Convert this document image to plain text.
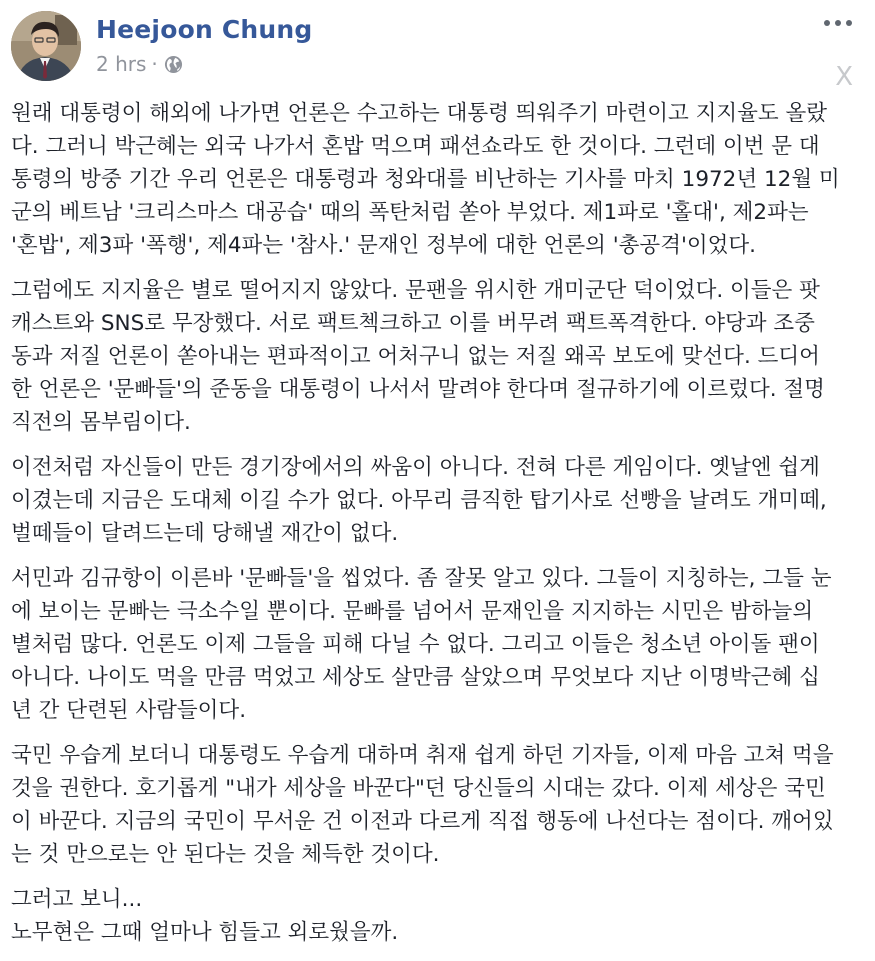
Heejoon Chung
2 hrs ·	X

원래 대통령이 해외에 나가면 언론은 수고하는 대통령 띄워주기 마련이고 지지율도 올랐
다. 그러니 박근혜는 외국 나가서 혼밥 먹으며 패션쇼라도 한 것이다. 그런데 이번 문 대
통령의 방중 기간 우리 언론은 대통령과 청와대를 비난하는 기사를 마치 1972년 12월 미
군의 베트남 '크리스마스 대공습' 때의 폭탄처럼 쏟아 부었다. 제1파로 '홀대', 제2파는
'혼밥', 제3파 '폭행', 제4파는 '참사.' 문재인 정부에 대한 언론의 '총공격'이었다.

그럼에도 지지율은 별로 떨어지지 않았다. 문팬을 위시한 개미군단 덕이었다. 이들은 팟
캐스트와 SNS로 무장했다. 서로 팩트첵크하고 이를 버무려 팩트폭격한다. 야당과 조중
동과 저질 언론이 쏟아내는 편파적이고 어처구니 없는 저질 왜곡 보도에 맞선다. 드디어
한 언론은 '문빠들'의 준동을 대통령이 나서서 말려야 한다며 절규하기에 이르렀다. 절명
직전의 몸부림이다.

이전처럼 자신들이 만든 경기장에서의 싸움이 아니다. 전혀 다른 게임이다. 옛날엔 쉽게
이겼는데 지금은 도대체 이길 수가 없다. 아무리 큼직한 탑기사로 선빵을 날려도 개미떼,
벌떼들이 달려드는데 당해낼 재간이 없다.

서민과 김규항이 이른바 '문빠들'을 씹었다. 좀 잘못 알고 있다. 그들이 지칭하는, 그들 눈
에 보이는 문빠는 극소수일 뿐이다. 문빠를 넘어서 문재인을 지지하는 시민은 밤하늘의
별처럼 많다. 언론도 이제 그들을 피해 다닐 수 없다. 그리고 이들은 청소년 아이돌 팬이
아니다. 나이도 먹을 만큼 먹었고 세상도 살만큼 살았으며 무엇보다 지난 이명박근혜 십
년 간 단련된 사람들이다.

국민 우습게 보더니 대통령도 우습게 대하며 취재 쉽게 하던 기자들, 이제 마음 고쳐 먹을
것을 권한다. 호기롭게 "내가 세상을 바꾼다"던 당신들의 시대는 갔다. 이제 세상은 국민
이 바꾼다. 지금의 국민이 무서운 건 이전과 다르게 직접 행동에 나선다는 점이다. 깨어있
는 것 만으로는 안 된다는 것을 체득한 것이다.

그러고 보니...
노무현은 그때 얼마나 힘들고 외로웠을까.
